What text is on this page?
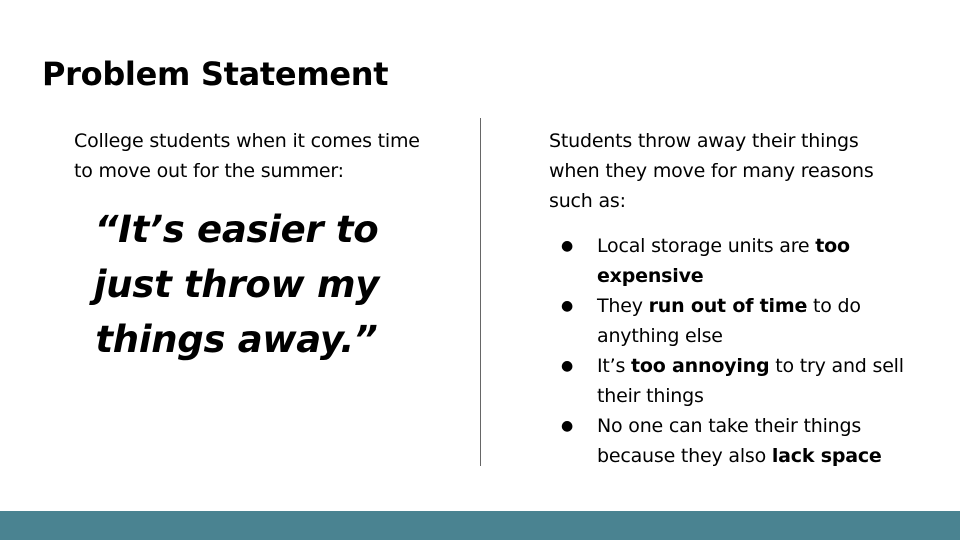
Problem Statement
College students when it comes time to move out for the summer:
“It’s easier to just throw my things away.”
Students throw away their things when they move for many reasons such as:
● Local storage units are too expensive
● They run out of time to do anything else
● It’s too annoying to try and sell their things
● No one can take their things because they also lack space
